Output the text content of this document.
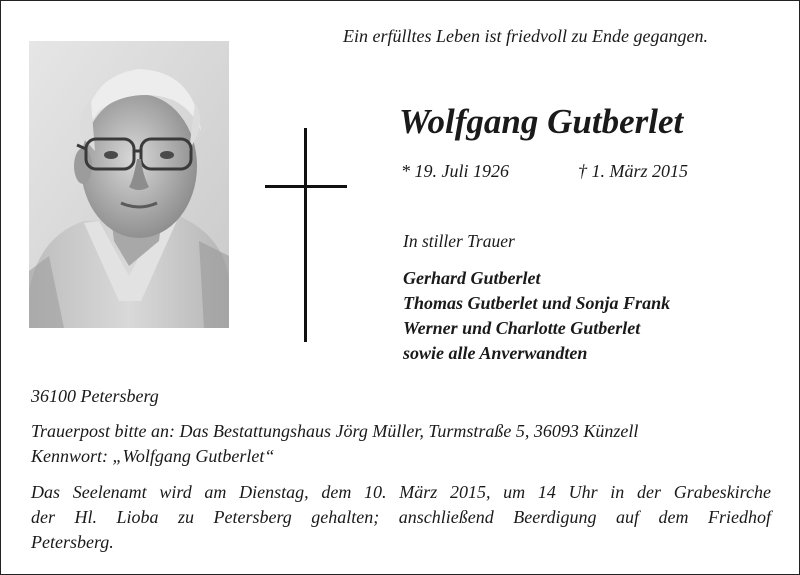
Ein erfülltes Leben ist friedvoll zu Ende gegangen.
Wolfgang Gutberlet
* 19. Juli 1926	† 1. März 2015
In stiller Trauer
Gerhard Gutberlet
Thomas Gutberlet und Sonja Frank
Werner und Charlotte Gutberlet
sowie alle Anverwandten
36100 Petersberg
Trauerpost bitte an: Das Bestattungshaus Jörg Müller, Turmstraße 5, 36093 Künzell
Kennwort: „Wolfgang Gutberlet“
Das Seelenamt wird am Dienstag, dem 10. März 2015, um 14 Uhr in der Grabeskirche
der Hl. Lioba zu Petersberg gehalten; anschließend Beerdigung auf dem Friedhof
Petersberg.
